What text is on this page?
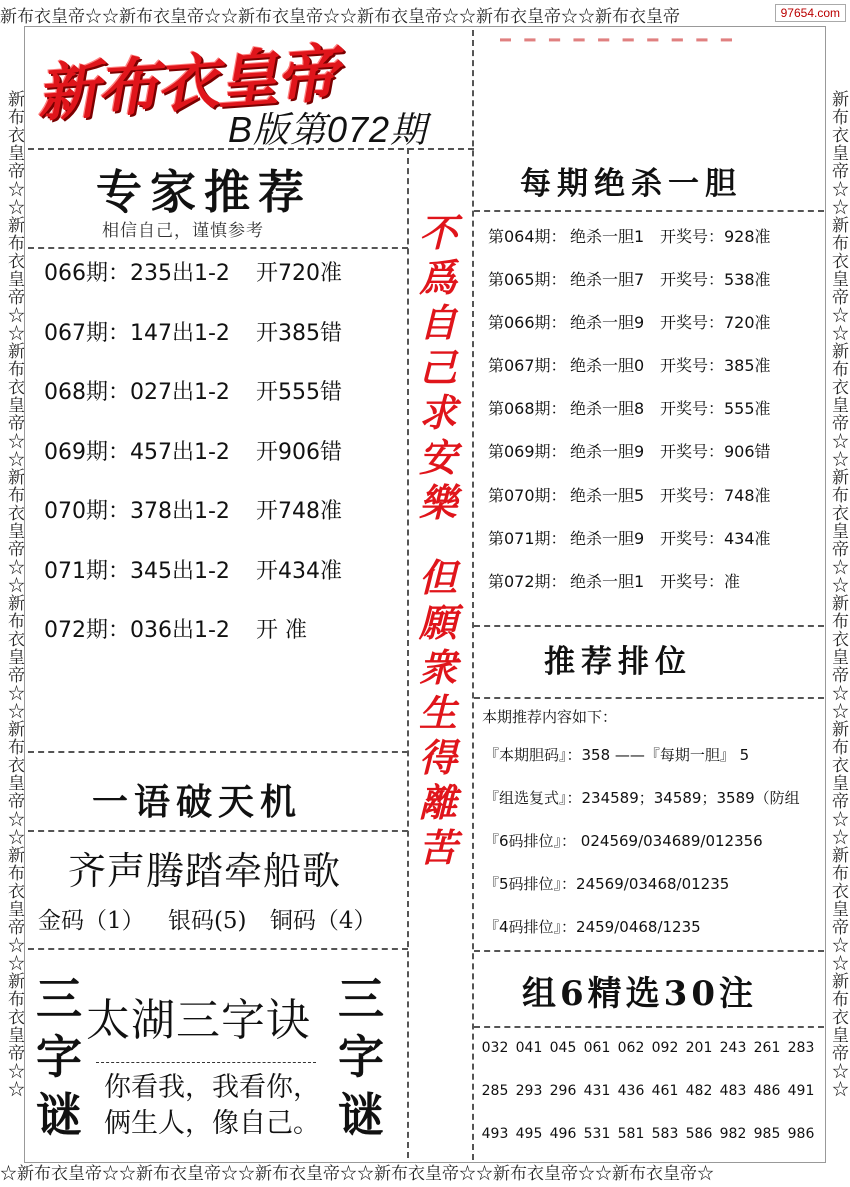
新布衣皇帝☆☆新布衣皇帝☆☆新布衣皇帝☆☆新布衣皇帝☆☆新布衣皇帝☆☆新布衣皇帝
☆新布衣皇帝☆☆新布衣皇帝☆☆新布衣皇帝☆☆新布衣皇帝☆☆新布衣皇帝☆☆新布衣皇帝☆
新布衣皇帝☆☆新布衣皇帝☆☆新布衣皇帝☆☆新布衣皇帝☆☆新布衣皇帝☆☆新布衣皇帝☆☆新布衣皇帝☆☆新布衣皇帝☆☆	新布衣皇帝☆☆新布衣皇帝☆☆新布衣皇帝☆☆新布衣皇帝☆☆新布衣皇帝☆☆新布衣皇帝☆☆新布衣皇帝☆☆新布衣皇帝☆☆
97654.com
━ ━ ━ ━ ━ ━ ━ ━ ━ ━
新布衣皇帝
B版第072期
专家推荐
相信自己，谨慎参考
066期：235出1-2 开720准
067期：147出1-2 开385错
068期：027出1-2 开555错
069期：457出1-2 开906错
070期：378出1-2 开748准
071期：345出1-2 开434准
072期：036出1-2 开 准
不爲自己求安樂
但願衆生得離苦
每期绝杀一胆
第064期： 绝杀一胆1 开奖号：928准
第065期： 绝杀一胆7 开奖号：538准
第066期： 绝杀一胆9 开奖号：720准
第067期： 绝杀一胆0 开奖号：385准
第068期： 绝杀一胆8 开奖号：555准
第069期： 绝杀一胆9 开奖号：906错
第070期： 绝杀一胆5 开奖号：748准
第071期： 绝杀一胆9 开奖号：434准
第072期： 绝杀一胆1 开奖号：准
推荐排位
本期推荐内容如下：
『本期胆码』：358 ——『每期一胆』 5
『组选复式』：234589；34589；3589（防组
『6码排位』： 024569/034689/012356
『5码排位』：24569/03468/01235
『4码排位』：2459/0468/1235
组6精选30注
032 041 045 061 062 092 201 243 261 283
285 293 296 431 436 461 482 483 486 491
493 495 496 531 581 583 586 982 985 986
一语破天机
齐声腾踏牵船歌
金码（1） 银码(5) 铜码（4）
三
字
谜
三
字
谜
太湖三字诀
你看我，我看你，
俩生人，像自己。
